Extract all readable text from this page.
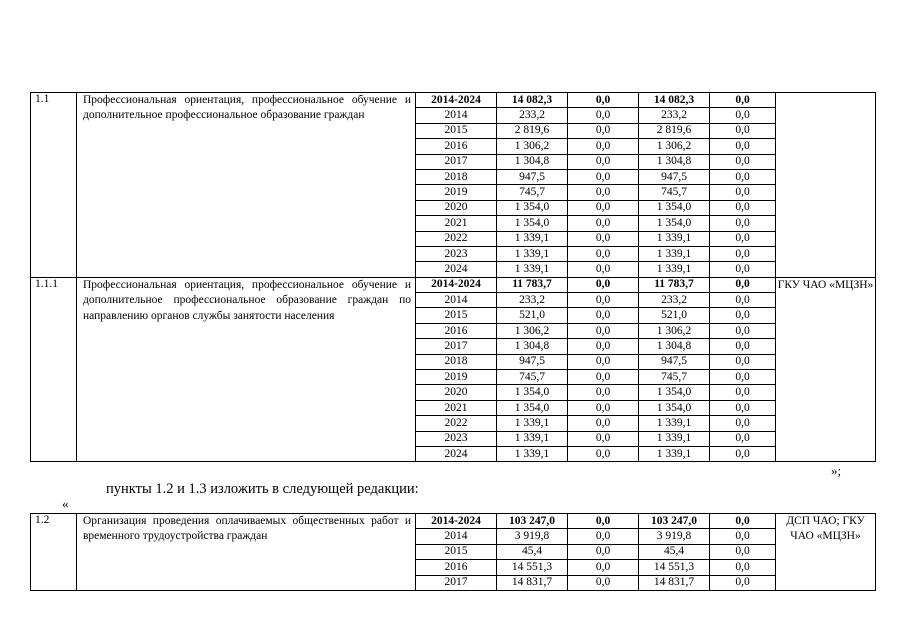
1.1	Профессиональная ориентация, профессиональное обучение и дополнительное профессиональное образование граждан	2014-2024	14 082,3	0,0	14 082,3	0,0	
		2014	233,2	0,0	233,2	0,0	
		2015	2 819,6	0,0	2 819,6	0,0	
		2016	1 306,2	0,0	1 306,2	0,0	
		2017	1 304,8	0,0	1 304,8	0,0	
		2018	947,5	0,0	947,5	0,0	
		2019	745,7	0,0	745,7	0,0	
		2020	1 354,0	0,0	1 354,0	0,0	
		2021	1 354,0	0,0	1 354,0	0,0	
		2022	1 339,1	0,0	1 339,1	0,0	
		2023	1 339,1	0,0	1 339,1	0,0	
		2024	1 339,1	0,0	1 339,1	0,0	
1.1.1	Профессиональная ориентация, профессиональное обучение и дополнительное профессиональное образование граждан по направлению органов службы занятости населения	2014-2024	11 783,7	0,0	11 783,7	0,0	ГКУ ЧАО «МЦЗН»
		2014	233,2	0,0	233,2	0,0	
		2015	521,0	0,0	521,0	0,0	
		2016	1 306,2	0,0	1 306,2	0,0	
		2017	1 304,8	0,0	1 304,8	0,0	
		2018	947,5	0,0	947,5	0,0	
		2019	745,7	0,0	745,7	0,0	
		2020	1 354,0	0,0	1 354,0	0,0	
		2021	1 354,0	0,0	1 354,0	0,0	
		2022	1 339,1	0,0	1 339,1	0,0	
		2023	1 339,1	0,0	1 339,1	0,0	
		2024	1 339,1	0,0	1 339,1	0,0	
»;
пункты 1.2 и 1.3 изложить в следующей редакции:
«
1.2	Организация проведения оплачиваемых общественных работ и временного трудоустройства граждан	2014-2024	103 247,0	0,0	103 247,0	0,0	ДСП ЧАО; ГКУ ЧАО «МЦЗН»
		2014	3 919,8	0,0	3 919,8	0,0	
		2015	45,4	0,0	45,4	0,0	
		2016	14 551,3	0,0	14 551,3	0,0	
		2017	14 831,7	0,0	14 831,7	0,0	
